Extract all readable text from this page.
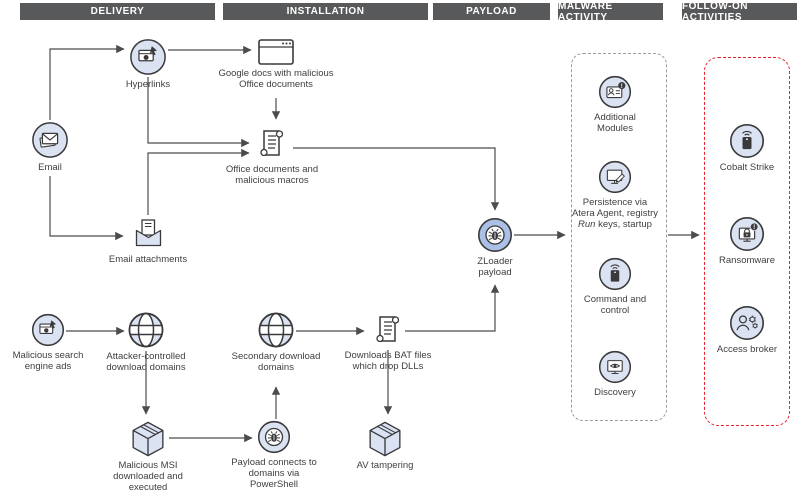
DELIVERY	INSTALLATION	PAYLOAD	MALWARE ACTIVITY
FOLLOW-ON ACTIVITIES
Email
Hyperlinks
Google docs with malicious Office documents
Office documents and malicious macros
Email attachments
Malicious search engine ads
Attacker-controlled download domains
Malicious MSI downloaded and executed
Payload connects to domains via PowerShell
Secondary download domains
Downloads BAT files which drop DLLs
AV tampering
ZLoader payload
!
Additional Modules
Persistence via Atera Agent, registry Run keys, startup
Command and control
Discovery
Cobalt Strike
!
Ransomware
Access broker
